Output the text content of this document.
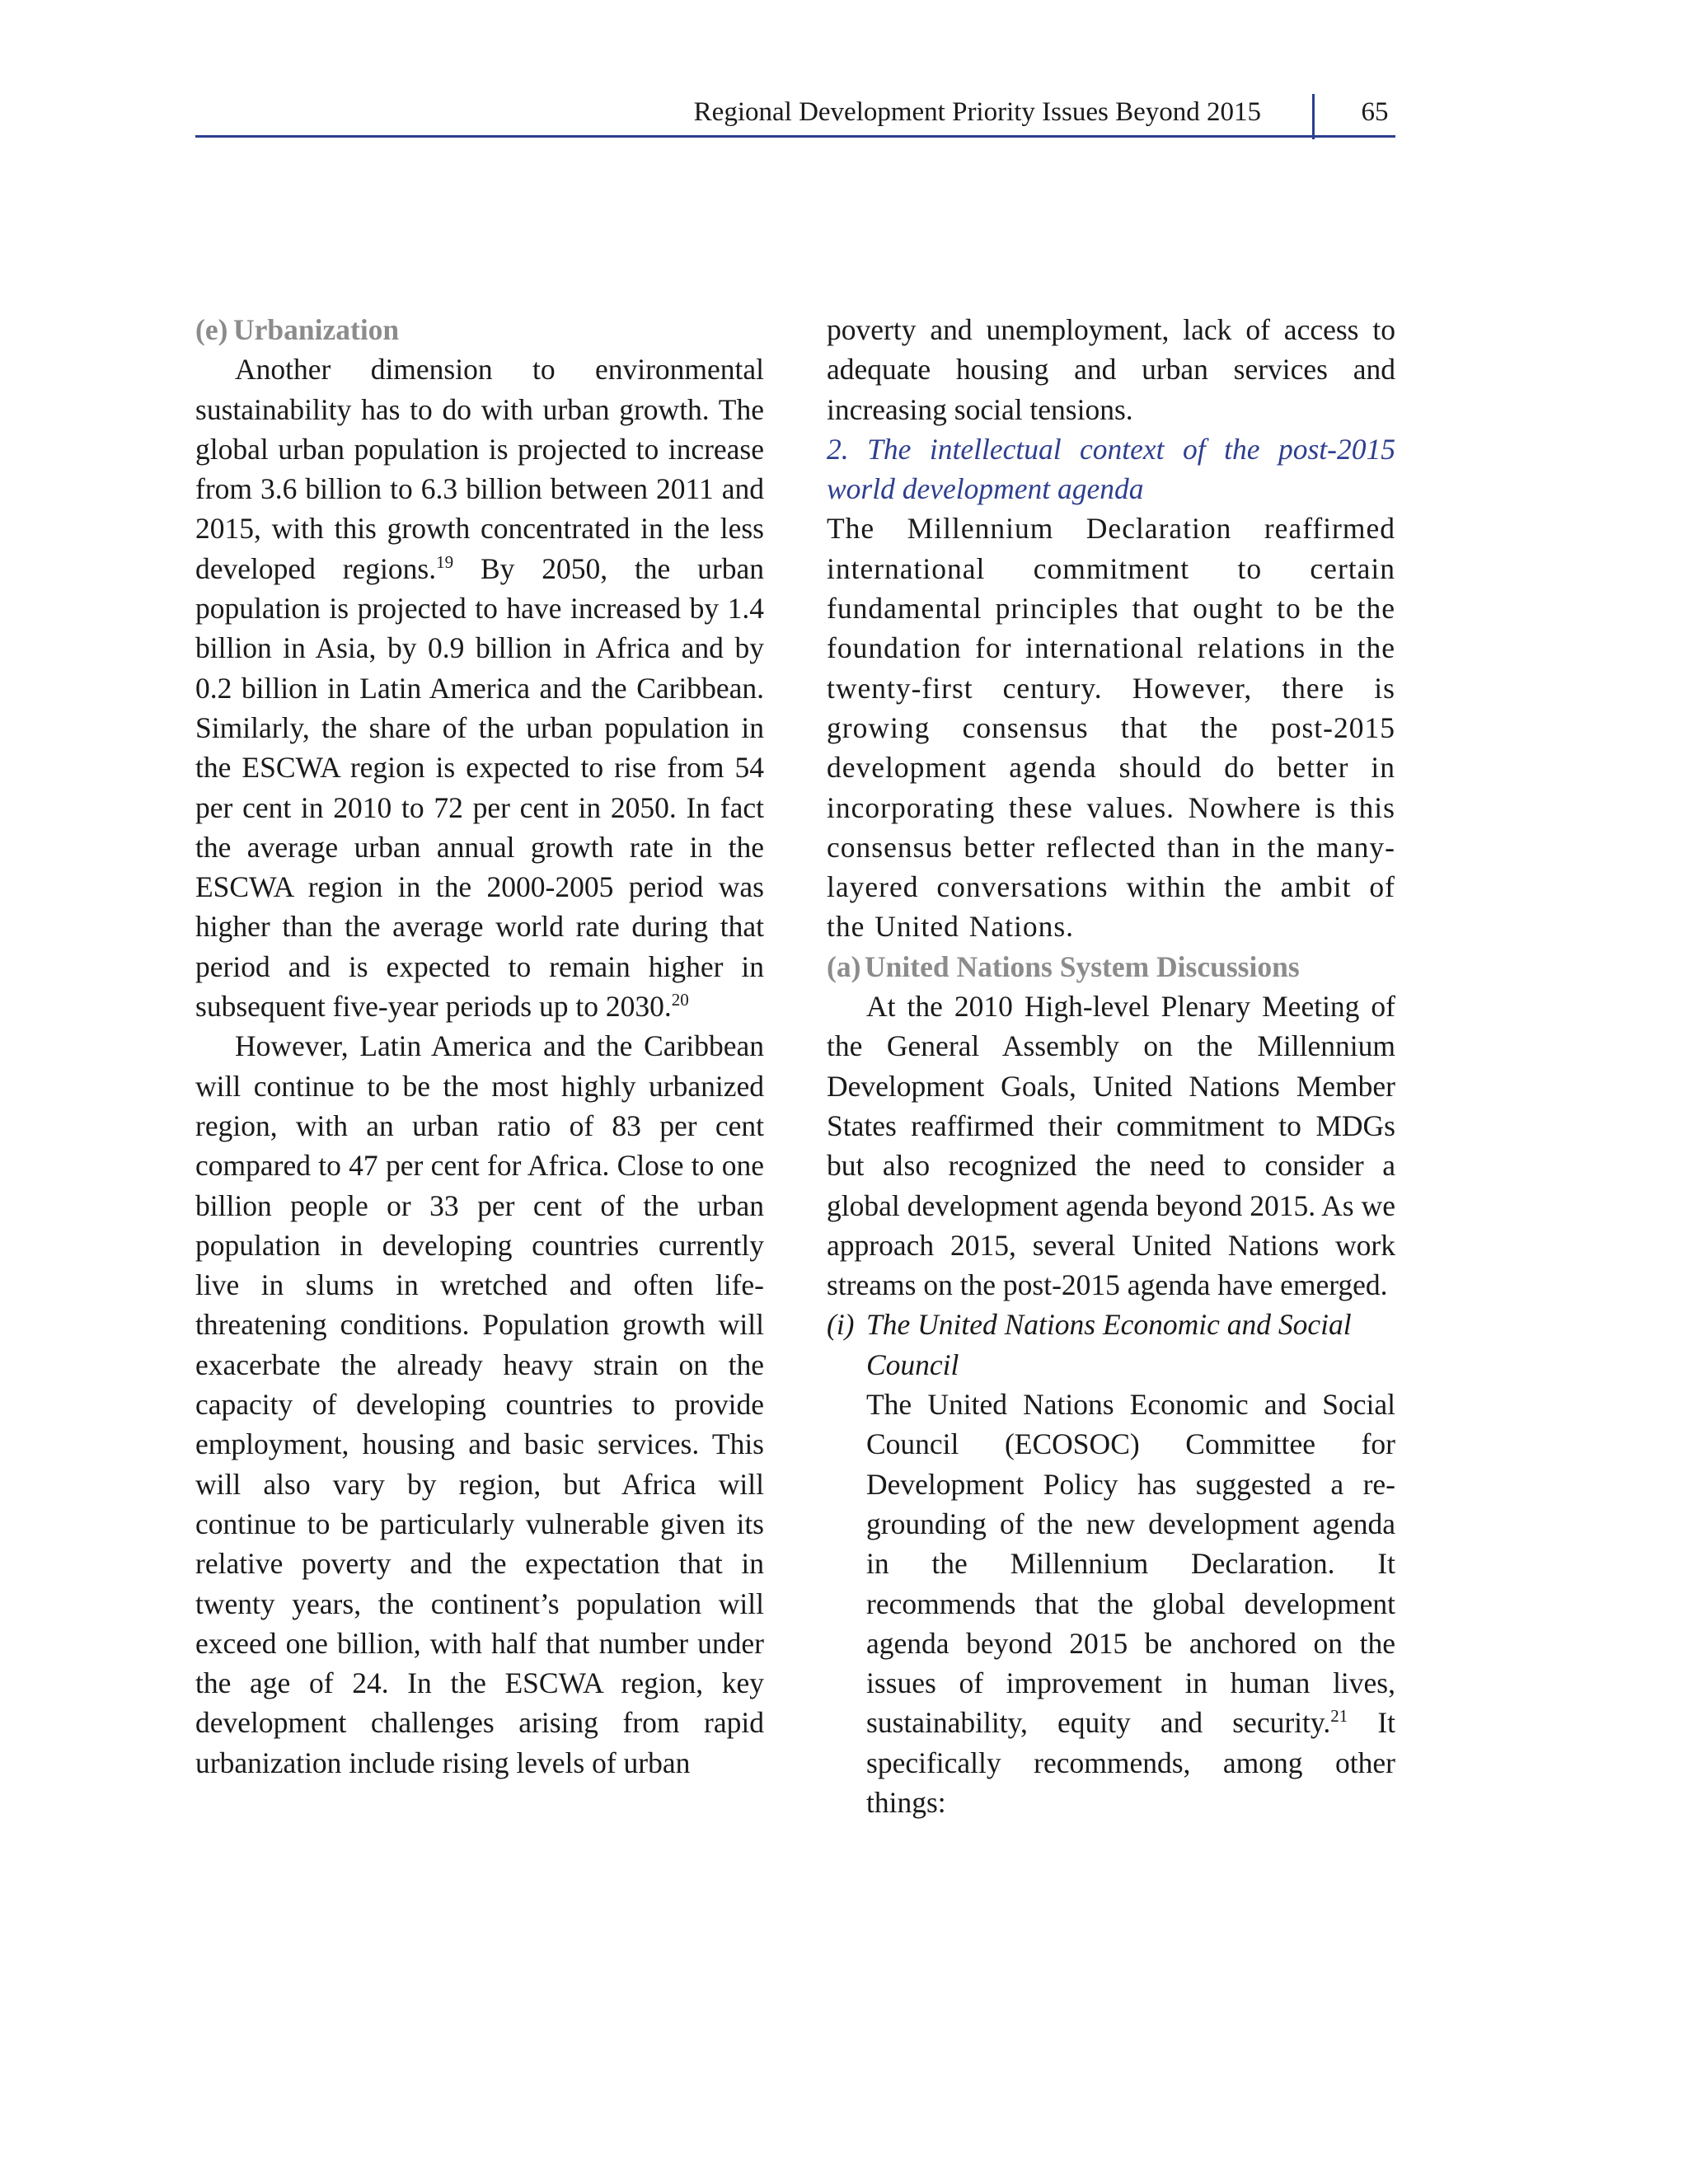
Regional Development Priority Issues Beyond 2015	65

(e) Urbanization

Another dimension to environmental sustainability has to do with urban growth. The global urban population is projected to increase from 3.6 billion to 6.3 billion between 2011 and 2015, with this growth concentrated in the less developed regions.$^{19}$ By 2050, the urban population is projected to have increased by 1.4 billion in Asia, by 0.9 billion in Africa and by 0.2 billion in Latin America and the Caribbean. Similarly, the share of the urban population in the ESCWA region is expected to rise from 54 per cent in 2010 to 72 per cent in 2050. In fact the average urban annual growth rate in the ESCWA region in the 2000-2005 period was higher than the average world rate during that period and is expected to remain higher in subsequent five-year periods up to 2030.20

However, Latin America and the Caribbean will continue to be the most highly urbanized region, with an urban ratio of 83 per cent compared to 47 per cent for Africa. Close to one billion people or 33 per cent of the urban population in developing countries currently live in slums in wretched and often life-threatening conditions. Population growth will exacerbate the already heavy strain on the capacity of developing countries to provide employment, housing and basic services. This will also vary by region, but Africa will continue to be particularly vulnerable given its relative poverty and the expectation that in twenty years, the continent’s population will exceed one billion, with half that number under the age of 24. In the ESCWA region, key development challenges arising from rapid urbanization include rising levels of urban

poverty and unemployment, lack of access to adequate housing and urban services and increasing social tensions.

2. The intellectual context of the post-2015 world development agenda

The Millennium Declaration reaffirmed international commitment to certain fundamental principles that ought to be the foundation for international relations in the twenty-first century. However, there is growing consensus that the post-2015 development agenda should do better in incorporating these values. Nowhere is this consensus better reflected than in the many-layered conversations within the ambit of the United Nations.

(a) United Nations System Discussions

At the 2010 High-level Plenary Meeting of the General Assembly on the Millennium Development Goals, United Nations Member States reaffirmed their commitment to MDGs but also recognized the need to consider a global development agenda beyond 2015. As we approach 2015, several United Nations work streams on the post-2015 agenda have emerged.

(i) The United Nations Economic and Social Council

The United Nations Economic and Social Council (ECOSOC) Committee for Development Policy has suggested a re-grounding of the new development agenda in the Millennium Declaration. It recommends that the global development agenda beyond 2015 be anchored on the issues of improvement in human lives, sustainability, equity and security.$^{21}$ It specifically recommends, among other things:
